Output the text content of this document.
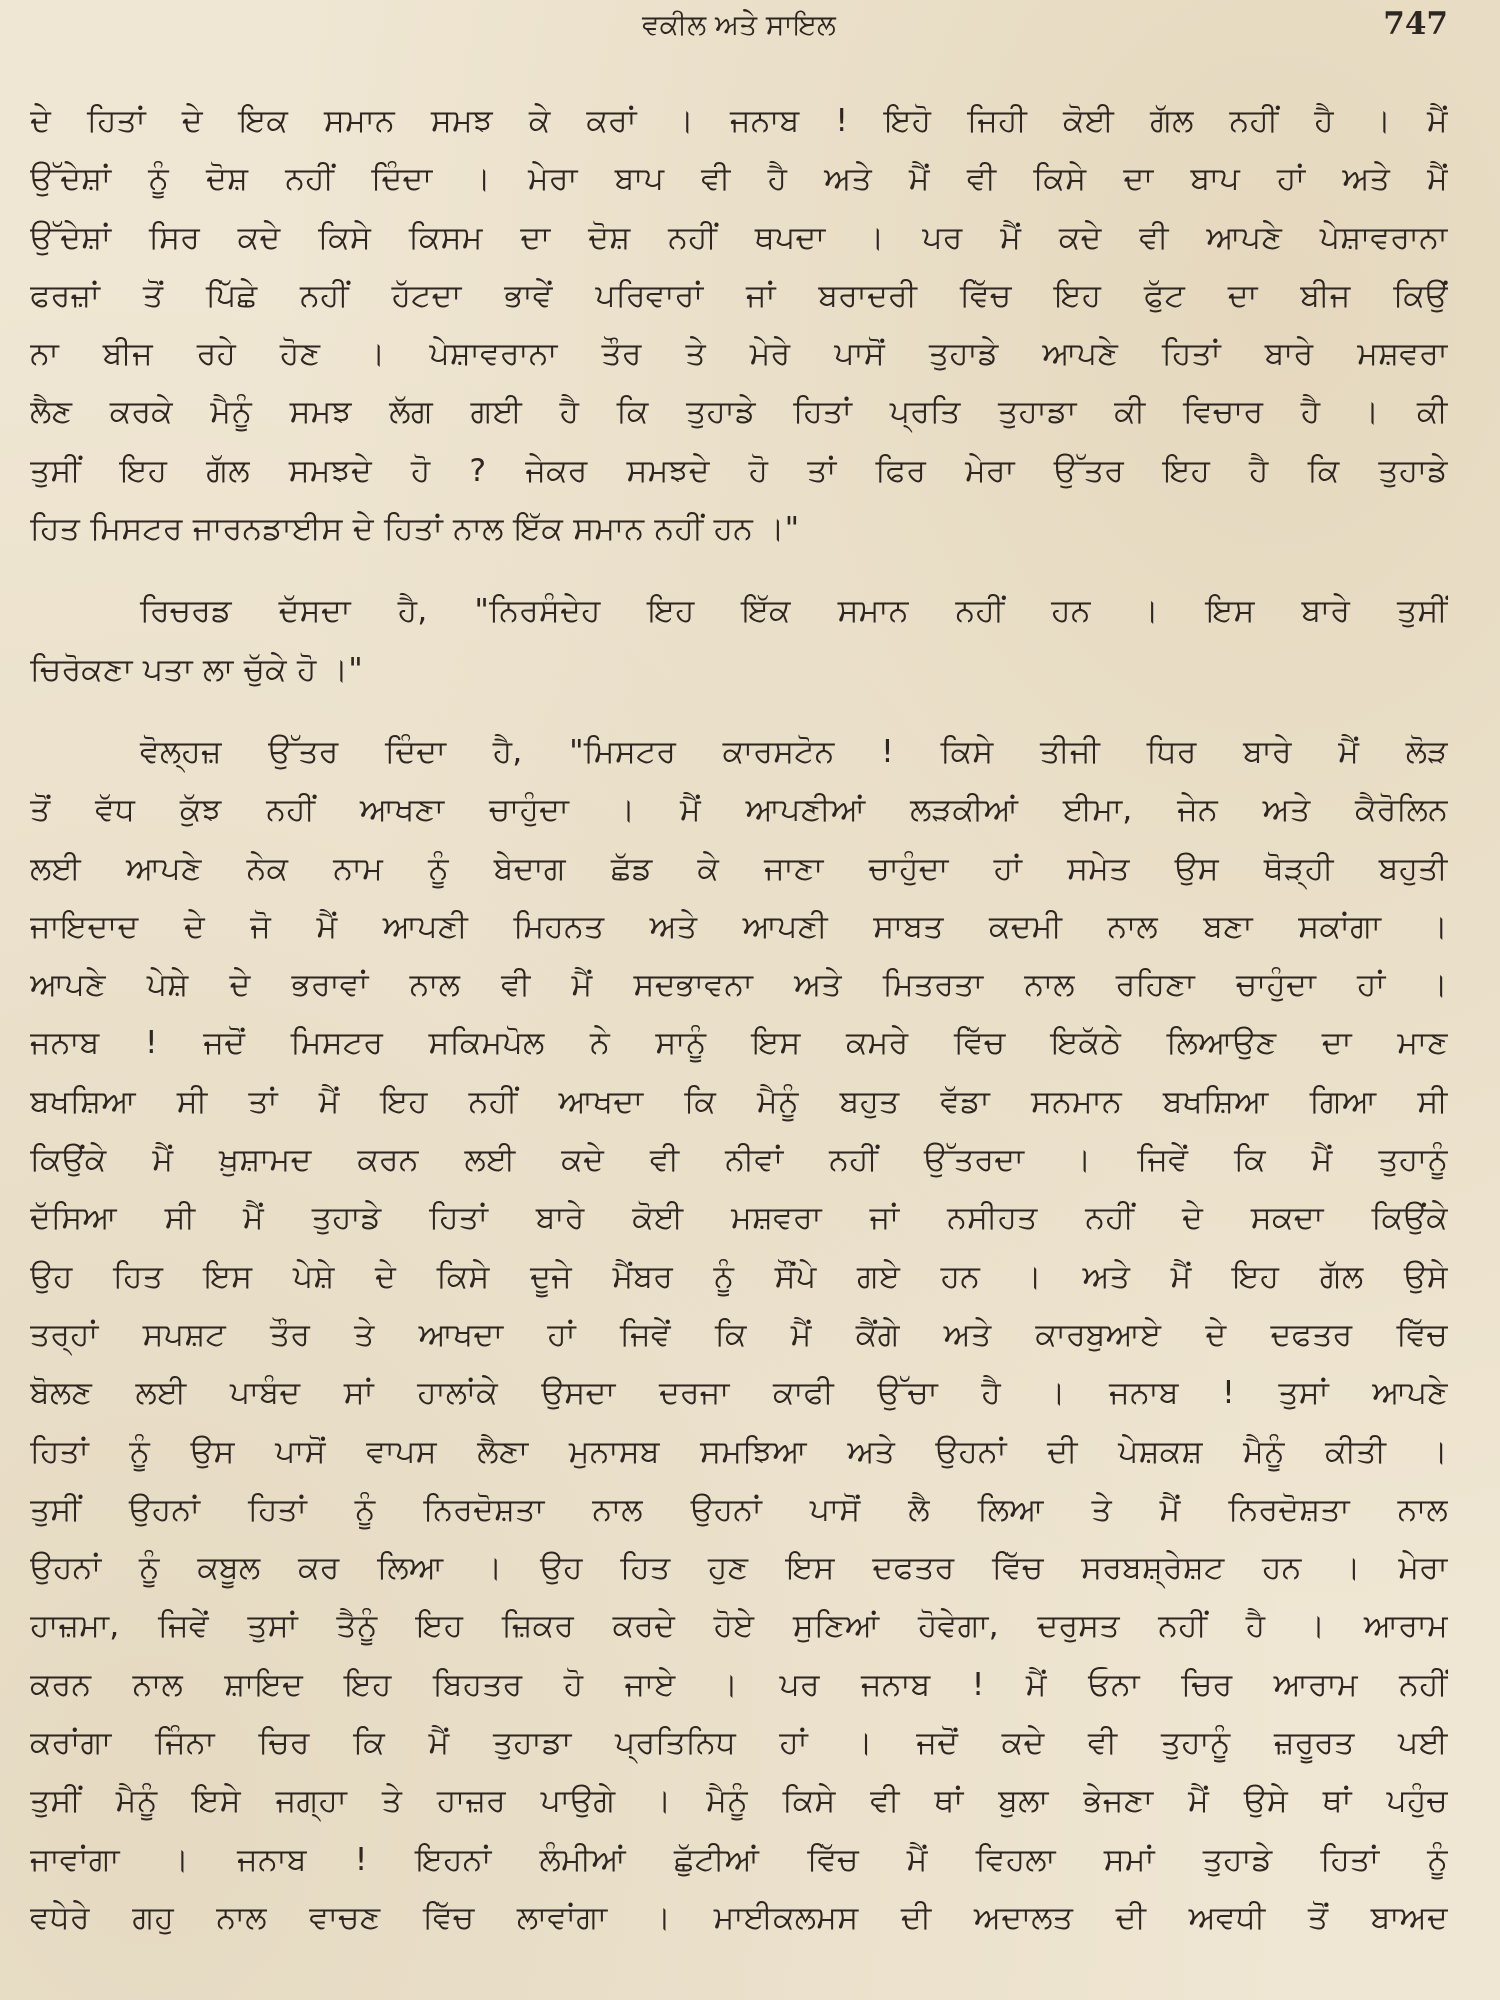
ਵਕੀਲ ਅਤੇ ਸਾਇਲ	747
ਦੇ ਹਿਤਾਂ ਦੇ ਇਕ ਸਮਾਨ ਸਮਝ ਕੇ ਕਰਾਂ । ਜਨਾਬ ! ਇਹੋ ਜਿਹੀ ਕੋਈ ਗੱਲ ਨਹੀਂ ਹੈ । ਮੈਂ
ਉੱਦੇਸ਼ਾਂ ਨੂੰ ਦੋਸ਼ ਨਹੀਂ ਦਿੰਦਾ । ਮੇਰਾ ਬਾਪ ਵੀ ਹੈ ਅਤੇ ਮੈਂ ਵੀ ਕਿਸੇ ਦਾ ਬਾਪ ਹਾਂ ਅਤੇ ਮੈਂ
ਉੱਦੇਸ਼ਾਂ ਸਿਰ ਕਦੇ ਕਿਸੇ ਕਿਸਮ ਦਾ ਦੋਸ਼ ਨਹੀਂ ਥਪਦਾ । ਪਰ ਮੈਂ ਕਦੇ ਵੀ ਆਪਣੇ ਪੇਸ਼ਾਵਰਾਨਾ
ਫਰਜ਼ਾਂ ਤੋਂ ਪਿੱਛੇ ਨਹੀਂ ਹੱਟਦਾ ਭਾਵੇਂ ਪਰਿਵਾਰਾਂ ਜਾਂ ਬਰਾਦਰੀ ਵਿੱਚ ਇਹ ਫੁੱਟ ਦਾ ਬੀਜ ਕਿਉਂ
ਨਾ ਬੀਜ ਰਹੇ ਹੋਣ । ਪੇਸ਼ਾਵਰਾਨਾ ਤੌਰ ਤੇ ਮੇਰੇ ਪਾਸੋਂ ਤੁਹਾਡੇ ਆਪਣੇ ਹਿਤਾਂ ਬਾਰੇ ਮਸ਼ਵਰਾ
ਲੈਣ ਕਰਕੇ ਮੈਨੂੰ ਸਮਝ ਲੱਗ ਗਈ ਹੈ ਕਿ ਤੁਹਾਡੇ ਹਿਤਾਂ ਪ੍ਰਤਿ ਤੁਹਾਡਾ ਕੀ ਵਿਚਾਰ ਹੈ । ਕੀ
ਤੁਸੀਂ ਇਹ ਗੱਲ ਸਮਝਦੇ ਹੋ ? ਜੇਕਰ ਸਮਝਦੇ ਹੋ ਤਾਂ ਫਿਰ ਮੇਰਾ ਉੱਤਰ ਇਹ ਹੈ ਕਿ ਤੁਹਾਡੇ
ਹਿਤ ਮਿਸਟਰ ਜਾਰਨਡਾਈਸ ਦੇ ਹਿਤਾਂ ਨਾਲ ਇੱਕ ਸਮਾਨ ਨਹੀਂ ਹਨ ।"
ਰਿਚਰਡ ਦੱਸਦਾ ਹੈ, "ਨਿਰਸੰਦੇਹ ਇਹ ਇੱਕ ਸਮਾਨ ਨਹੀਂ ਹਨ । ਇਸ ਬਾਰੇ ਤੁਸੀਂ
ਚਿਰੋਕਣਾ ਪਤਾ ਲਾ ਚੁੱਕੇ ਹੋ ।"
ਵੋਲ੍ਹਜ਼ ਉੱਤਰ ਦਿੰਦਾ ਹੈ, "ਮਿਸਟਰ ਕਾਰਸਟੋਨ ! ਕਿਸੇ ਤੀਜੀ ਧਿਰ ਬਾਰੇ ਮੈਂ ਲੋੜ
ਤੋਂ ਵੱਧ ਕੁੱਝ ਨਹੀਂ ਆਖਣਾ ਚਾਹੁੰਦਾ । ਮੈਂ ਆਪਣੀਆਂ ਲੜਕੀਆਂ ਈਮਾ, ਜੇਨ ਅਤੇ ਕੈਰੋਲਿਨ
ਲਈ ਆਪਣੇ ਨੇਕ ਨਾਮ ਨੂੰ ਬੇਦਾਗ ਛੱਡ ਕੇ ਜਾਣਾ ਚਾਹੁੰਦਾ ਹਾਂ ਸਮੇਤ ਉਸ ਥੋੜ੍ਹੀ ਬਹੁਤੀ
ਜਾਇਦਾਦ ਦੇ ਜੋ ਮੈਂ ਆਪਣੀ ਮਿਹਨਤ ਅਤੇ ਆਪਣੀ ਸਾਬਤ ਕਦਮੀ ਨਾਲ ਬਣਾ ਸਕਾਂਗਾ ।
ਆਪਣੇ ਪੇਸ਼ੇ ਦੇ ਭਰਾਵਾਂ ਨਾਲ ਵੀ ਮੈਂ ਸਦਭਾਵਨਾ ਅਤੇ ਮਿਤਰਤਾ ਨਾਲ ਰਹਿਣਾ ਚਾਹੁੰਦਾ ਹਾਂ ।
ਜਨਾਬ ! ਜਦੋਂ ਮਿਸਟਰ ਸਕਿਮਪੋਲ ਨੇ ਸਾਨੂੰ ਇਸ ਕਮਰੇ ਵਿੱਚ ਇਕੱਠੇ ਲਿਆਉਣ ਦਾ ਮਾਣ
ਬਖਸ਼ਿਆ ਸੀ ਤਾਂ ਮੈਂ ਇਹ ਨਹੀਂ ਆਖਦਾ ਕਿ ਮੈਨੂੰ ਬਹੁਤ ਵੱਡਾ ਸਨਮਾਨ ਬਖਸ਼ਿਆ ਗਿਆ ਸੀ
ਕਿਉਂਕੇ ਮੈਂ ਖ਼ੁਸ਼ਾਮਦ ਕਰਨ ਲਈ ਕਦੇ ਵੀ ਨੀਵਾਂ ਨਹੀਂ ਉੱਤਰਦਾ । ਜਿਵੇਂ ਕਿ ਮੈਂ ਤੁਹਾਨੂੰ
ਦੱਸਿਆ ਸੀ ਮੈਂ ਤੁਹਾਡੇ ਹਿਤਾਂ ਬਾਰੇ ਕੋਈ ਮਸ਼ਵਰਾ ਜਾਂ ਨਸੀਹਤ ਨਹੀਂ ਦੇ ਸਕਦਾ ਕਿਉਂਕੇ
ਉਹ ਹਿਤ ਇਸ ਪੇਸ਼ੇ ਦੇ ਕਿਸੇ ਦੂਜੇ ਮੈਂਬਰ ਨੂੰ ਸੌਂਪੇ ਗਏ ਹਨ । ਅਤੇ ਮੈਂ ਇਹ ਗੱਲ ਉਸੇ
ਤਰ੍ਹਾਂ ਸਪਸ਼ਟ ਤੌਰ ਤੇ ਆਖਦਾ ਹਾਂ ਜਿਵੇਂ ਕਿ ਮੈਂ ਕੈਂਗੇ ਅਤੇ ਕਾਰਬੁਆਏ ਦੇ ਦਫਤਰ ਵਿੱਚ
ਬੋਲਣ ਲਈ ਪਾਬੰਦ ਸਾਂ ਹਾਲਾਂਕੇ ਉਸਦਾ ਦਰਜਾ ਕਾਫੀ ਉੱਚਾ ਹੈ । ਜਨਾਬ ! ਤੁਸਾਂ ਆਪਣੇ
ਹਿਤਾਂ ਨੂੰ ਉਸ ਪਾਸੋਂ ਵਾਪਸ ਲੈਣਾ ਮੁਨਾਸਬ ਸਮਝਿਆ ਅਤੇ ਉਹਨਾਂ ਦੀ ਪੇਸ਼ਕਸ਼ ਮੈਨੂੰ ਕੀਤੀ ।
ਤੁਸੀਂ ਉਹਨਾਂ ਹਿਤਾਂ ਨੂੰ ਨਿਰਦੋਸ਼ਤਾ ਨਾਲ ਉਹਨਾਂ ਪਾਸੋਂ ਲੈ ਲਿਆ ਤੇ ਮੈਂ ਨਿਰਦੋਸ਼ਤਾ ਨਾਲ
ਉਹਨਾਂ ਨੂੰ ਕਬੂਲ ਕਰ ਲਿਆ । ਉਹ ਹਿਤ ਹੁਣ ਇਸ ਦਫਤਰ ਵਿੱਚ ਸਰਬਸ਼੍ਰੇਸ਼ਟ ਹਨ । ਮੇਰਾ
ਹਾਜ਼ਮਾ, ਜਿਵੇਂ ਤੁਸਾਂ ਤੈਨੂੰ ਇਹ ਜ਼ਿਕਰ ਕਰਦੇ ਹੋਏ ਸੁਣਿਆਂ ਹੋਵੇਗਾ, ਦਰੁਸਤ ਨਹੀਂ ਹੈ । ਆਰਾਮ
ਕਰਨ ਨਾਲ ਸ਼ਾਇਦ ਇਹ ਬਿਹਤਰ ਹੋ ਜਾਏ । ਪਰ ਜਨਾਬ ! ਮੈਂ ਓਨਾ ਚਿਰ ਆਰਾਮ ਨਹੀਂ
ਕਰਾਂਗਾ ਜਿੰਨਾ ਚਿਰ ਕਿ ਮੈਂ ਤੁਹਾਡਾ ਪ੍ਰਤਿਨਿਧ ਹਾਂ । ਜਦੋਂ ਕਦੇ ਵੀ ਤੁਹਾਨੂੰ ਜ਼ਰੂਰਤ ਪਈ
ਤੁਸੀਂ ਮੈਨੂੰ ਇਸੇ ਜਗ੍ਹਾ ਤੇ ਹਾਜ਼ਰ ਪਾਉਗੇ । ਮੈਨੂੰ ਕਿਸੇ ਵੀ ਥਾਂ ਬੁਲਾ ਭੇਜਣਾ ਮੈਂ ਉਸੇ ਥਾਂ ਪਹੁੰਚ
ਜਾਵਾਂਗਾ । ਜਨਾਬ ! ਇਹਨਾਂ ਲੰਮੀਆਂ ਛੁੱਟੀਆਂ ਵਿੱਚ ਮੈਂ ਵਿਹਲਾ ਸਮਾਂ ਤੁਹਾਡੇ ਹਿਤਾਂ ਨੂੰ
ਵਧੇਰੇ ਗਹੁ ਨਾਲ ਵਾਚਣ ਵਿੱਚ ਲਾਵਾਂਗਾ । ਮਾਈਕਲਮਸ ਦੀ ਅਦਾਲਤ ਦੀ ਅਵਧੀ ਤੋਂ ਬਾਅਦ
